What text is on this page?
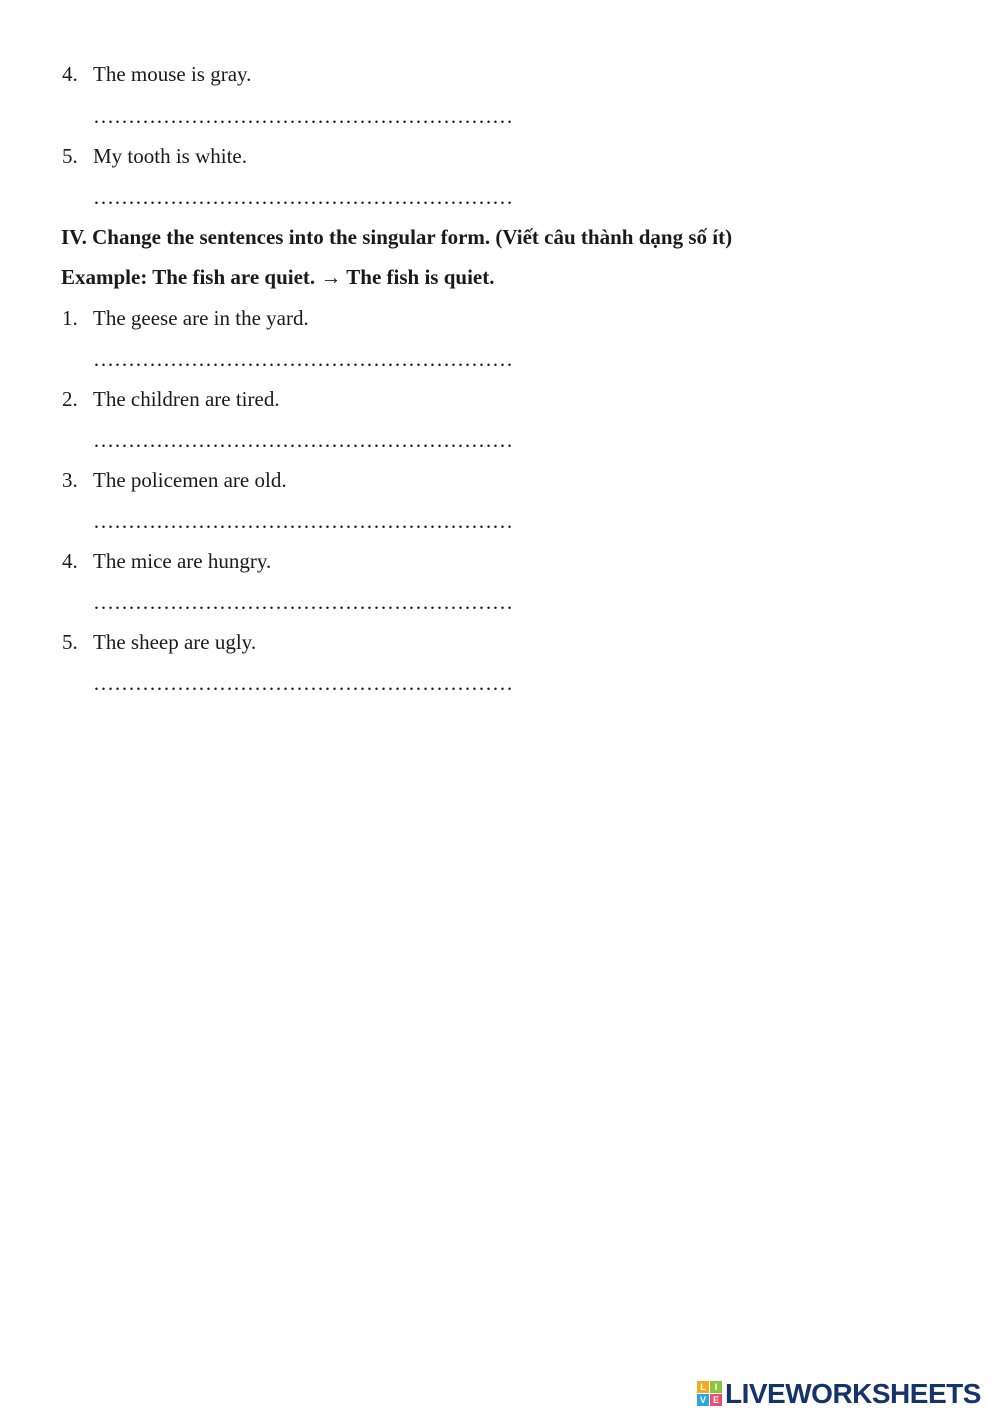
4. The mouse is gray.
……………………………………………………
5. My tooth is white.
……………………………………………………
IV. Change the sentences into the singular form. (Viết câu thành dạng số ít)
Example: The fish are quiet. → The fish is quiet.
1. The geese are in the yard.
……………………………………………………
2. The children are tired.
……………………………………………………
3. The policemen are old.
……………………………………………………
4. The mice are hungry.
……………………………………………………
5. The sheep are ugly.
……………………………………………………
L I
V E LIVEWORKSHEETS
